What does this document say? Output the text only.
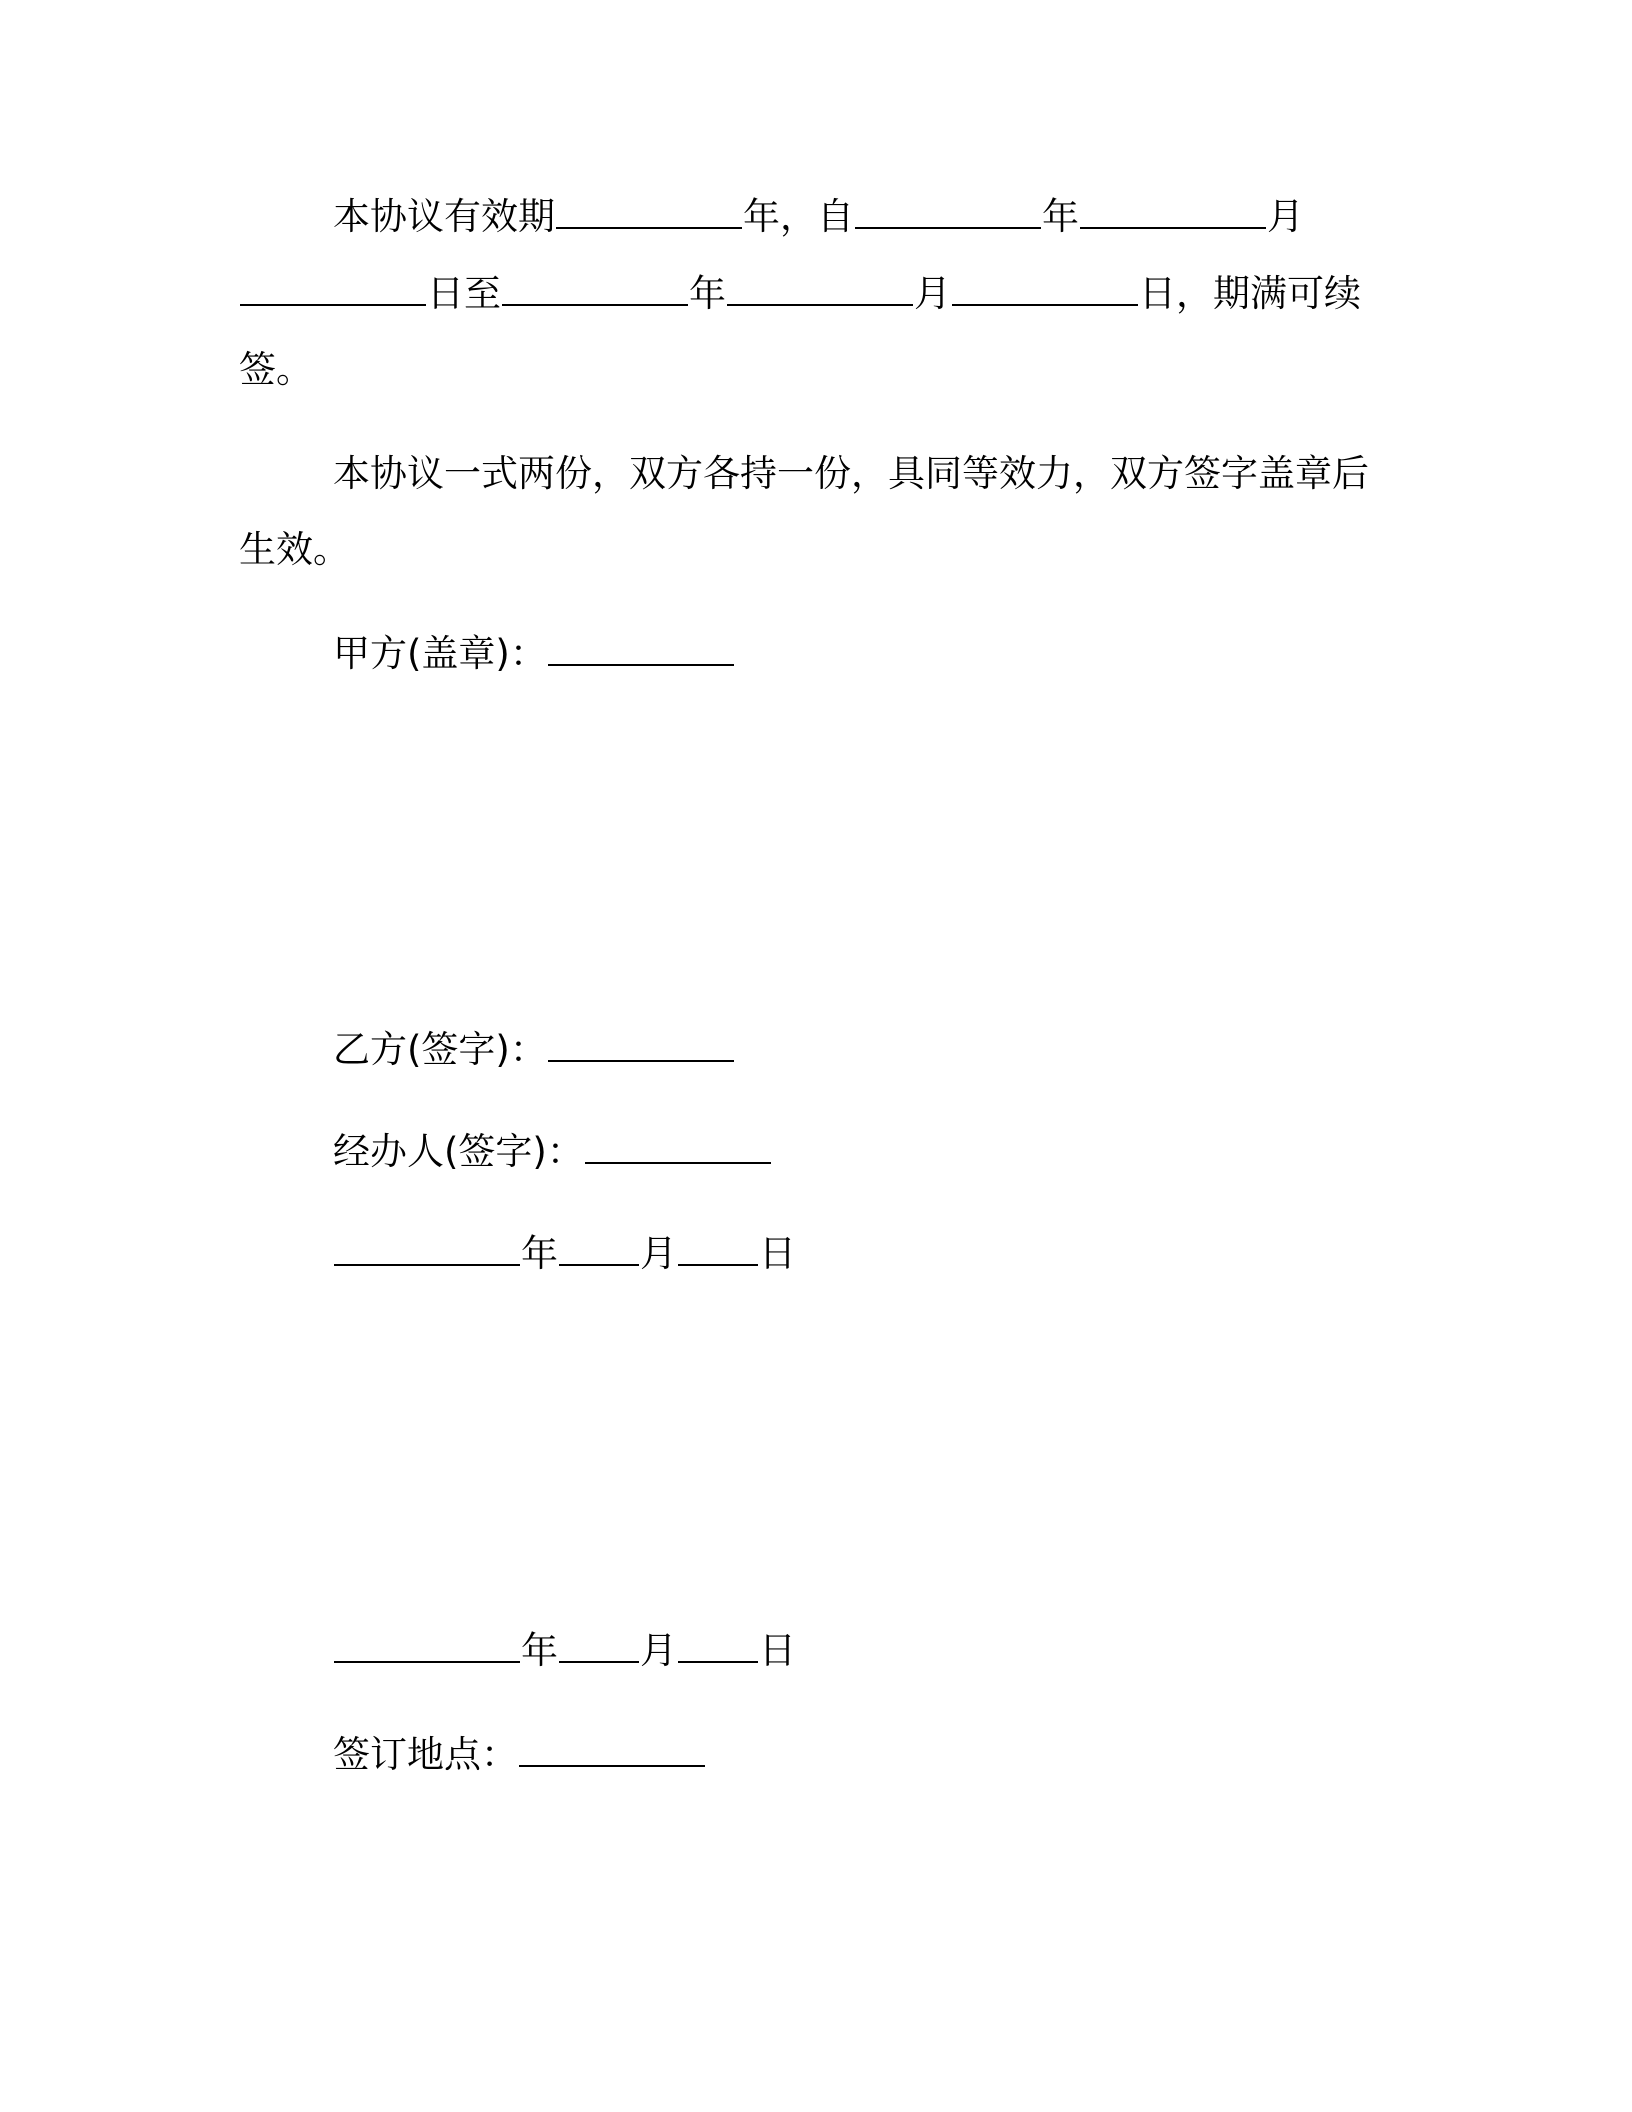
本协议有效期	年，自	年	月
日至	年	月	日，期满可续
签。
本协议一式两份，双方各持一份，具同等效力，双方签字盖章后
生效。
甲方(盖章)：
乙方(签字)：
经办人(签字)：
年 月 日
年 月 日
签订地点：
